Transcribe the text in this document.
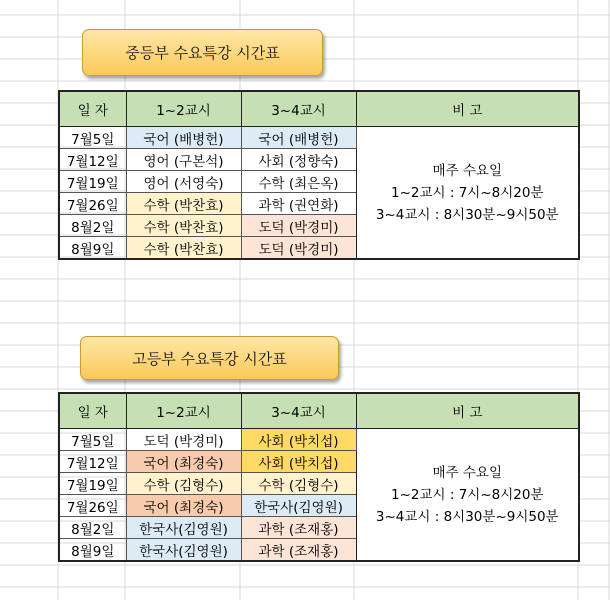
중등부 수요특강 시간표
일 자	1~2교시	3~4교시	비 고
7월5일	국어 (배병헌)	국어 (배병헌)	매주 수요일
1~2교시 : 7시~8시20분
3~4교시 : 8시30분~9시50분

7월12일	영어 (구본석)	사회 (정향숙)	
7월19일	영어 (서영숙)	수학 (최은옥)	
7월26일	수학 (박찬효)	과학 (권연화)	
8월2일	수학 (박찬효)	도덕 (박경미)	
8월9일	수학 (박찬효)	도덕 (박경미)	
고등부 수요특강 시간표
일 자	1~2교시	3~4교시	비 고
7월5일	도덕 (박경미)	사회 (박치섭)	매주 수요일
1~2교시 : 7시~8시20분
3~4교시 : 8시30분~9시50분

7월12일	국어 (최경숙)	사회 (박치섭)	
7월19일	수학 (김형수)	수학 (김형수)	
7월26일	국어 (최경숙)	한국사(김영원)	
8월2일	한국사(김영원)	과학 (조재홍)	
8월9일	한국사(김영원)	과학 (조재홍)	
